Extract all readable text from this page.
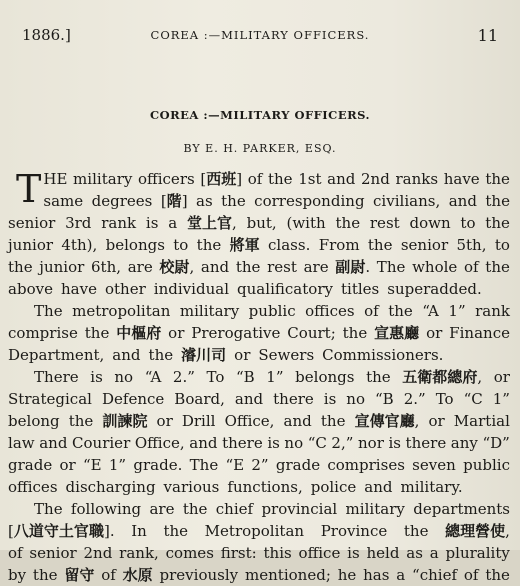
1886.]	COREA :—MILITARY OFFICERS.	11
COREA :—MILITARY OFFICERS.
BY E. H. PARKER, ESQ.
T HE military oficers [西班] of the 1st and 2nd ranks have the
same degrees [階] as the corresponding civilians, and the
senior 3rd rank is a 堂上官, but, (with the rest down to the
junior 4th), belongs to the 將軍 class. From the senior 5th, to
the junior 6th, are 校尉, and the rest are 副尉. The whole of the
above have other individual qualifcatory titles superadded.
The metropolitan military public ofices of the “A 1” rank
comprise the 中樞府 or Prerogative Court; the 宣惠廳 or Finance
Department, and the 濬川司 or Sewers Commissioners.
There is no “A 2.” To “B 1” belongs the 五衛都總府, or
Strategical Defence Board, and there is no “B 2.” To “C 1”
belong the 訓諫院 or Drill Ofice, and the 宣傳官廳, or Martial
law and Courier Ofice, and there is no “C 2,” nor is there any “D”
grade or “E 1” grade. The “E 2” grade comprises seven public
ofices discharging various functions, police and military.
The following are the chief provincial military departments
[八道守土官職]. In the Metropolitan Province the 總理營使,
of senior 2nd rank, comes frst: this ofice is held as a plurality
by the 留守 of 水原 previously mentioned; he has a “chief of the
